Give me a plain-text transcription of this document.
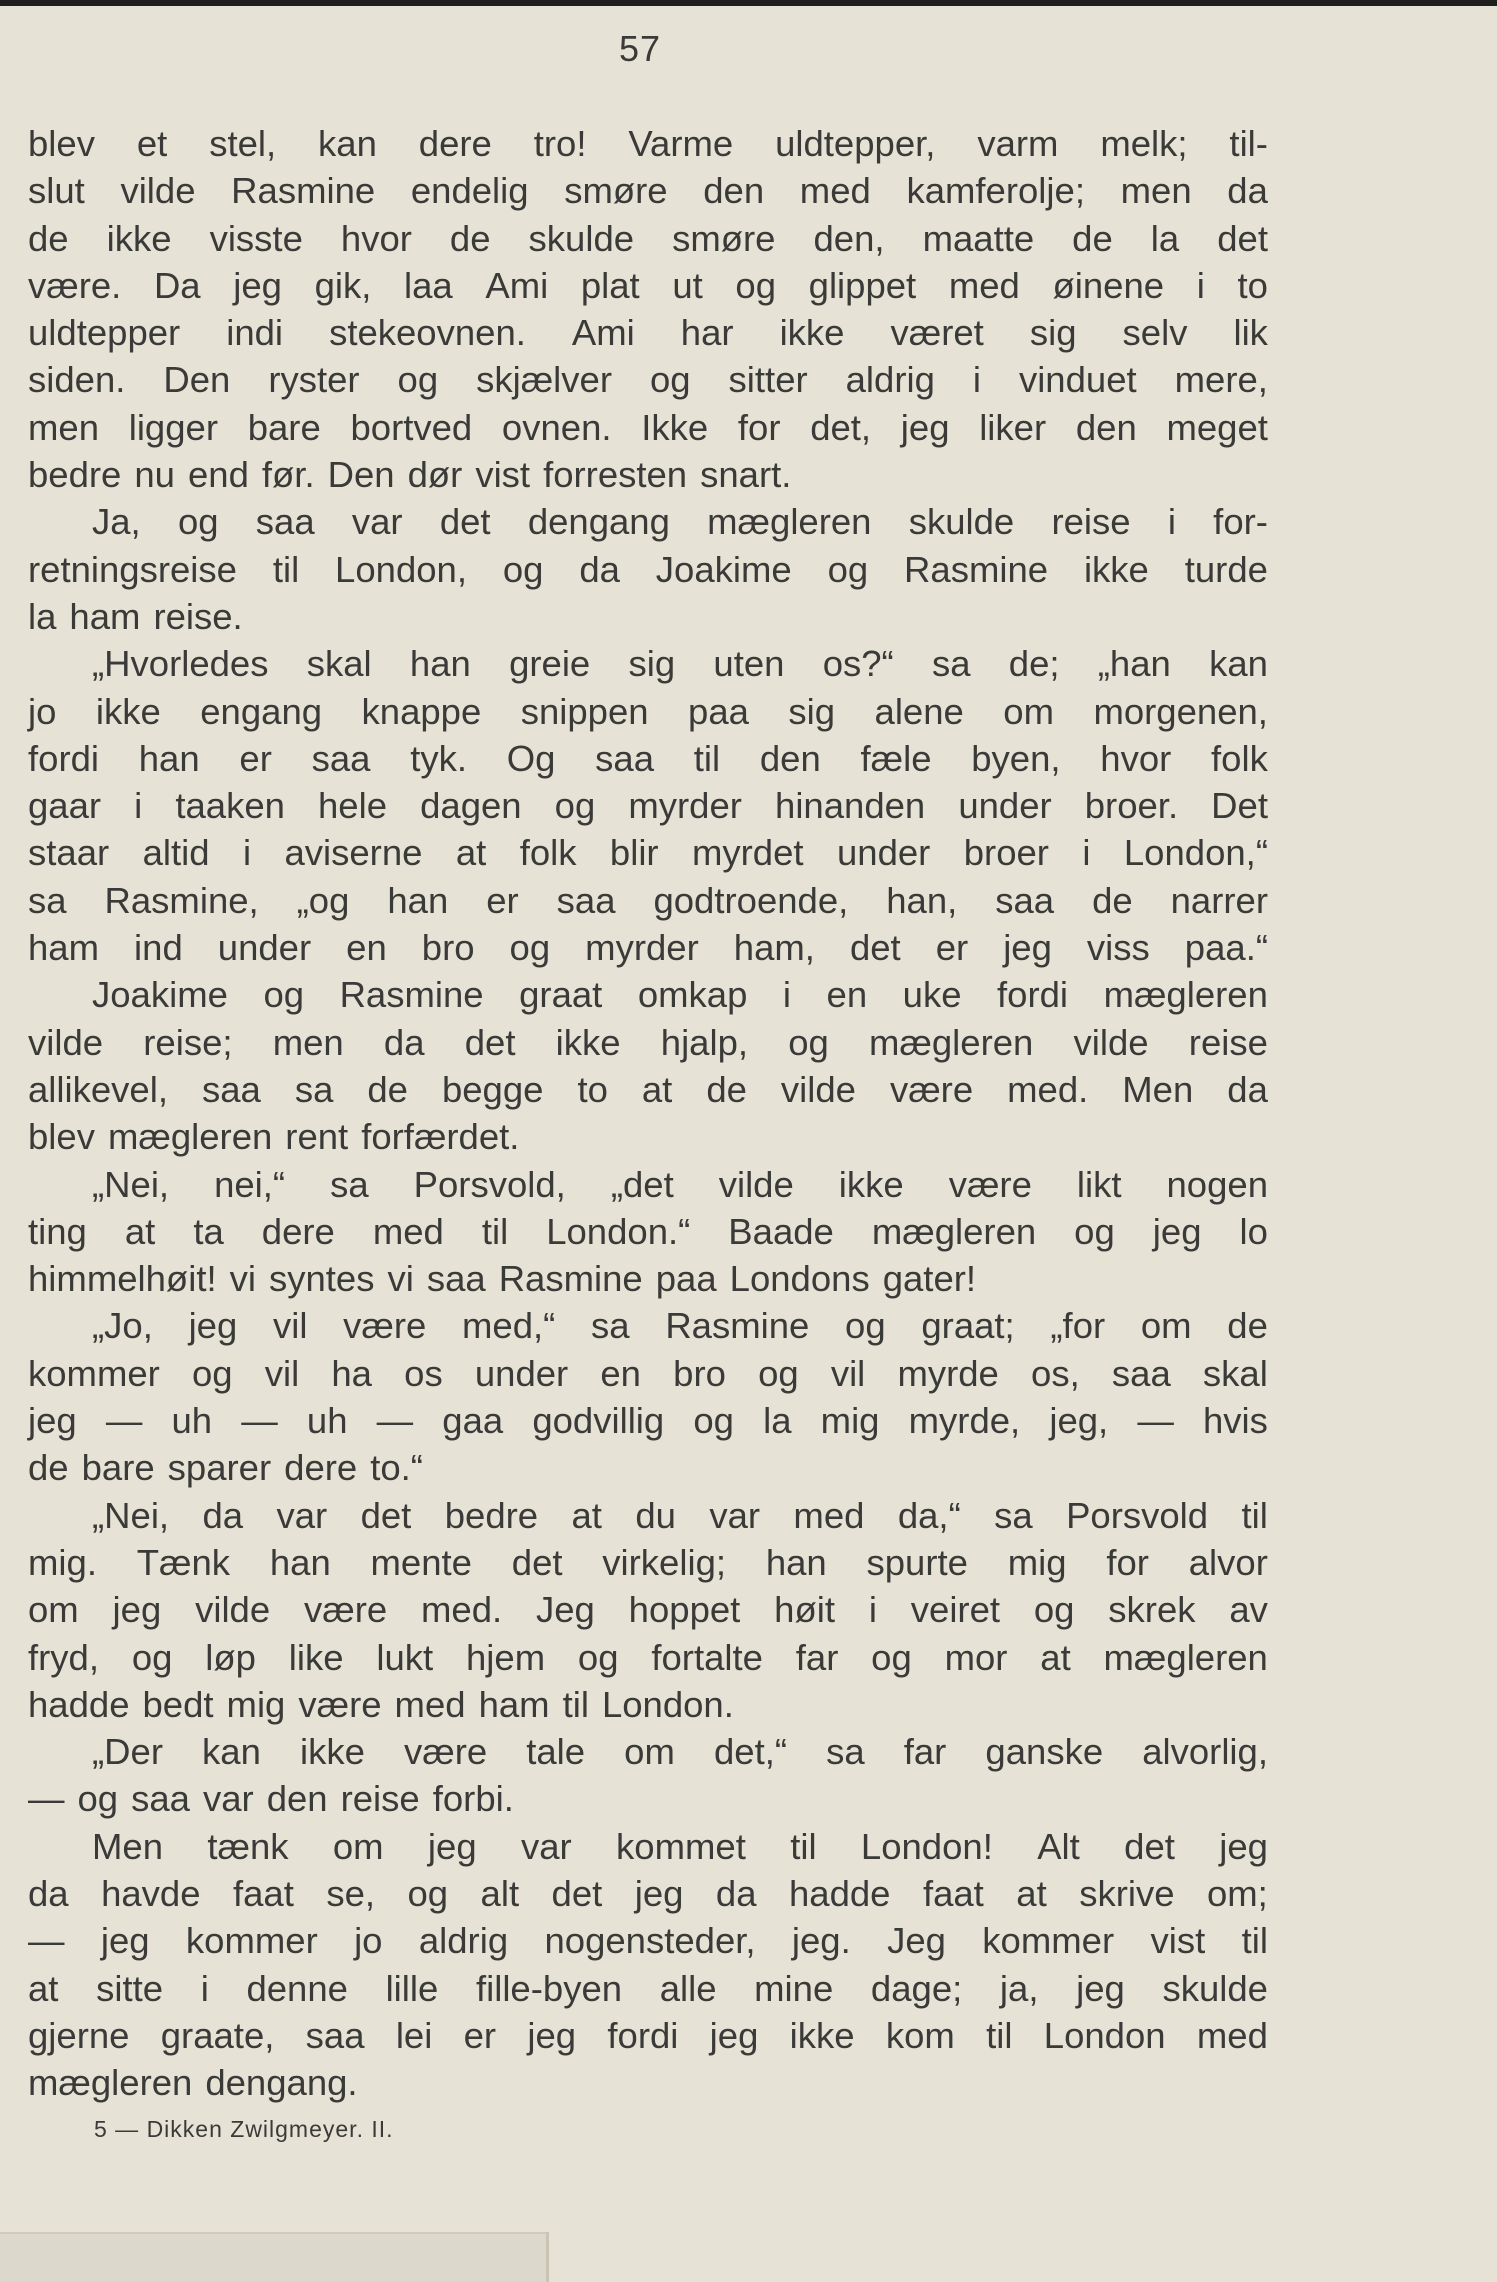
57
blev et stel, kan dere tro! Varme uldtepper, varm melk; til-
slut vilde Rasmine endelig smøre den med kamferolje; men da
de ikke visste hvor de skulde smøre den, maatte de la det
være. Da jeg gik, laa Ami plat ut og glippet med øinene i to
uldtepper indi stekeovnen. Ami har ikke været sig selv lik
siden. Den ryster og skjælver og sitter aldrig i vinduet mere,
men ligger bare bortved ovnen. Ikke for det, jeg liker den meget
bedre nu end før. Den dør vist forresten snart.
Ja, og saa var det dengang mægleren skulde reise i for-
retningsreise til London, og da Joakime og Rasmine ikke turde
la ham reise.
„Hvorledes skal han greie sig uten os?“ sa de; „han kan
jo ikke engang knappe snippen paa sig alene om morgenen,
fordi han er saa tyk. Og saa til den fæle byen, hvor folk
gaar i taaken hele dagen og myrder hinanden under broer. Det
staar altid i aviserne at folk blir myrdet under broer i London,“
sa Rasmine, „og han er saa godtroende, han, saa de narrer
ham ind under en bro og myrder ham, det er jeg viss paa.“
Joakime og Rasmine graat omkap i en uke fordi mægleren
vilde reise; men da det ikke hjalp, og mægleren vilde reise
allikevel, saa sa de begge to at de vilde være med. Men da
blev mægleren rent forfærdet.
„Nei, nei,“ sa Porsvold, „det vilde ikke være likt nogen
ting at ta dere med til London.“ Baade mægleren og jeg lo
himmelhøit! vi syntes vi saa Rasmine paa Londons gater!
„Jo, jeg vil være med,“ sa Rasmine og graat; „for om de
kommer og vil ha os under en bro og vil myrde os, saa skal
jeg — uh — uh — gaa godvillig og la mig myrde, jeg, — hvis
de bare sparer dere to.“
„Nei, da var det bedre at du var med da,“ sa Porsvold til
mig. Tænk han mente det virkelig; han spurte mig for alvor
om jeg vilde være med. Jeg hoppet høit i veiret og skrek av
fryd, og løp like lukt hjem og fortalte far og mor at mægleren
hadde bedt mig være med ham til London.
„Der kan ikke være tale om det,“ sa far ganske alvorlig,
— og saa var den reise forbi.
Men tænk om jeg var kommet til London! Alt det jeg
da havde faat se, og alt det jeg da hadde faat at skrive om;
— jeg kommer jo aldrig nogensteder, jeg. Jeg kommer vist til
at sitte i denne lille fille-byen alle mine dage; ja, jeg skulde
gjerne graate, saa lei er jeg fordi jeg ikke kom til London med
mægleren dengang.
5 — Dikken Zwilgmeyer. II.
